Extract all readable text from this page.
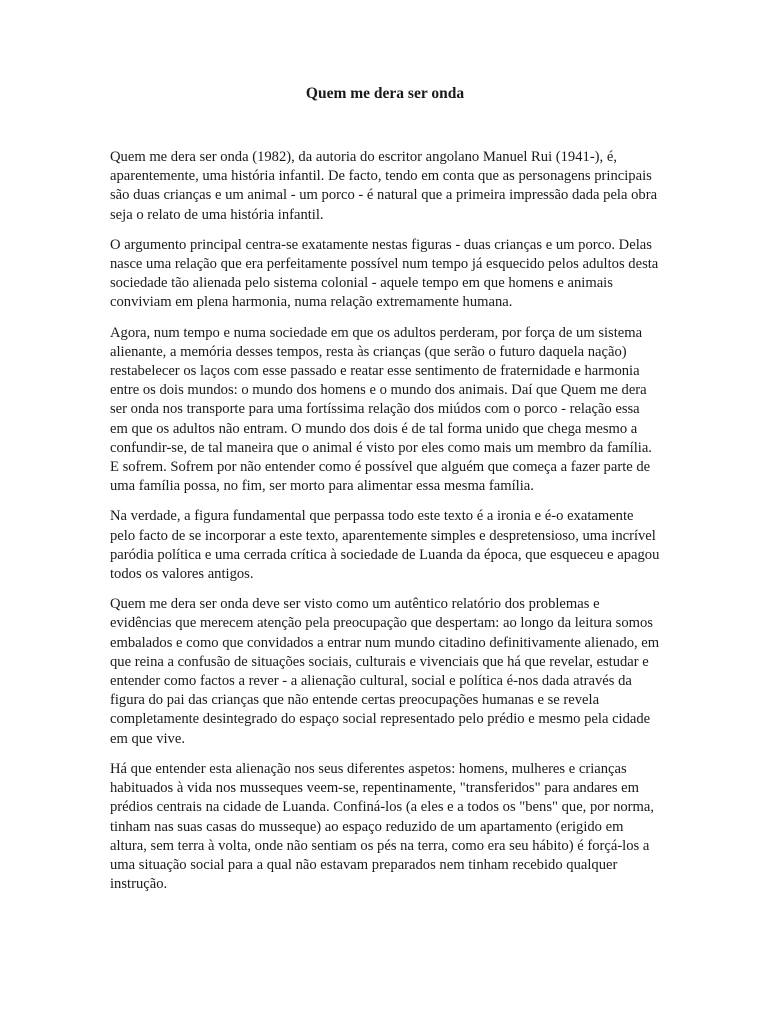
Quem me dera ser onda

Quem me dera ser onda (1982), da autoria do escritor angolano Manuel Rui (1941-), é, aparentemente, uma história infantil. De facto, tendo em conta que as personagens principais são duas crianças e um animal - um porco - é natural que a primeira impressão dada pela obra seja o relato de uma história infantil.

O argumento principal centra-se exatamente nestas figuras - duas crianças e um porco. Delas nasce uma relação que era perfeitamente possível num tempo já esquecido pelos adultos desta sociedade tão alienada pelo sistema colonial - aquele tempo em que homens e animais conviviam em plena harmonia, numa relação extremamente humana.

Agora, num tempo e numa sociedade em que os adultos perderam, por força de um sistema alienante, a memória desses tempos, resta às crianças (que serão o futuro daquela nação) restabelecer os laços com esse passado e reatar esse sentimento de fraternidade e harmonia entre os dois mundos: o mundo dos homens e o mundo dos animais. Daí que Quem me dera ser onda nos transporte para uma fortíssima relação dos miúdos com o porco - relação essa em que os adultos não entram. O mundo dos dois é de tal forma unido que chega mesmo a confundir-se, de tal maneira que o animal é visto por eles como mais um membro da família. E sofrem. Sofrem por não entender como é possível que alguém que começa a fazer parte de uma família possa, no fim, ser morto para alimentar essa mesma família.

Na verdade, a figura fundamental que perpassa todo este texto é a ironia e é-o exatamente pelo facto de se incorporar a este texto, aparentemente simples e despretensioso, uma incrível paródia política e uma cerrada crítica à sociedade de Luanda da época, que esqueceu e apagou todos os valores antigos.

Quem me dera ser onda deve ser visto como um autêntico relatório dos problemas e evidências que merecem atenção pela preocupação que despertam: ao longo da leitura somos embalados e como que convidados a entrar num mundo citadino definitivamente alienado, em que reina a confusão de situações sociais, culturais e vivenciais que há que revelar, estudar e entender como factos a rever - a alienação cultural, social e política é-nos dada através da figura do pai das crianças que não entende certas preocupações humanas e se revela completamente desintegrado do espaço social representado pelo prédio e mesmo pela cidade em que vive.

Há que entender esta alienação nos seus diferentes aspetos: homens, mulheres e crianças habituados à vida nos musseques veem-se, repentinamente, "transferidos" para andares em prédios centrais na cidade de Luanda. Confiná-los (a eles e a todos os "bens" que, por norma, tinham nas suas casas do musseque) ao espaço reduzido de um apartamento (erigido em altura, sem terra à volta, onde não sentiam os pés na terra, como era seu hábito) é forçá-los a uma situação social para a qual não estavam preparados nem tinham recebido qualquer instrução.
